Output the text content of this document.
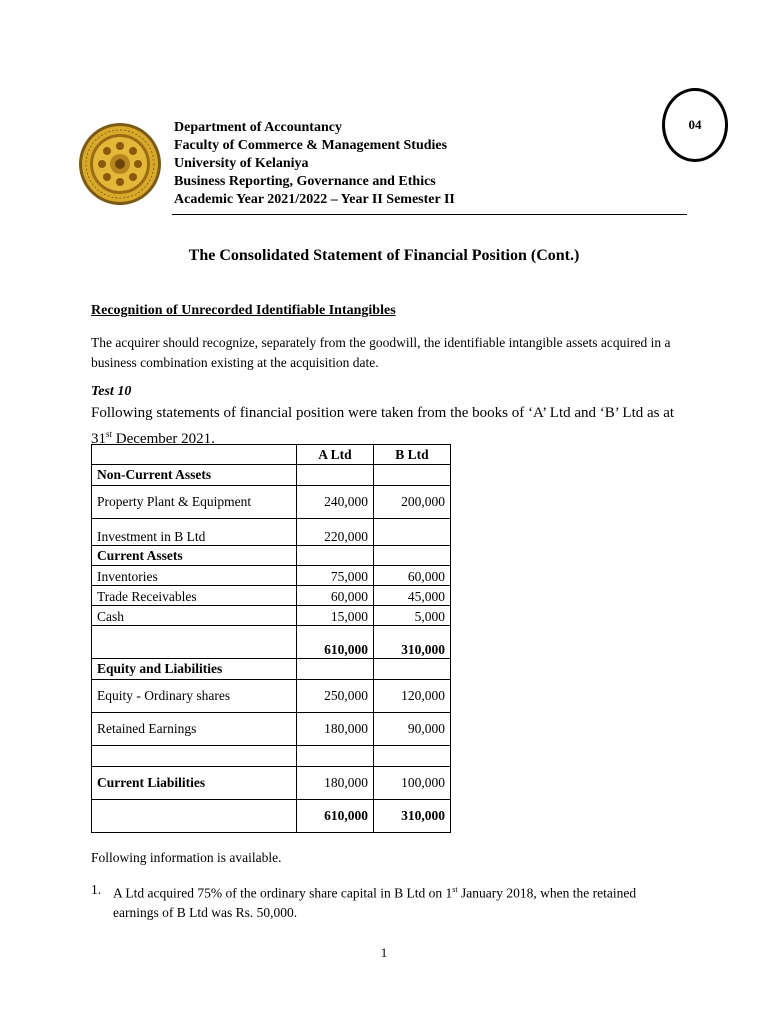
Department of Accountancy
Faculty of Commerce & Management Studies
University of Kelaniya
Business Reporting, Governance and Ethics
Academic Year 2021/2022 – Year II Semester II
04
The Consolidated Statement of Financial Position (Cont.)
Recognition of Unrecorded Identifiable Intangibles
The acquirer should recognize, separately from the goodwill, the identifiable intangible assets acquired in a business combination existing at the acquisition date.
Test 10
Following statements of financial position were taken from the books of ‘A’ Ltd and ‘B’ Ltd as at 31st December 2021.
	A Ltd	B Ltd
Non-Current Assets		
Property Plant & Equipment	240,000	200,000
Investment in B Ltd	220,000	
Current Assets		
Inventories	75,000	60,000
Trade Receivables	60,000	45,000
Cash	15,000	5,000
	610,000	310,000
Equity and Liabilities		
Equity - Ordinary shares	250,000	120,000
Retained Earnings	180,000	90,000

Current Liabilities	180,000	100,000
	610,000	310,000
Following information is available.
1. A Ltd acquired 75% of the ordinary share capital in B Ltd on 1st January 2018, when the retained earnings of B Ltd was Rs. 50,000.
1
